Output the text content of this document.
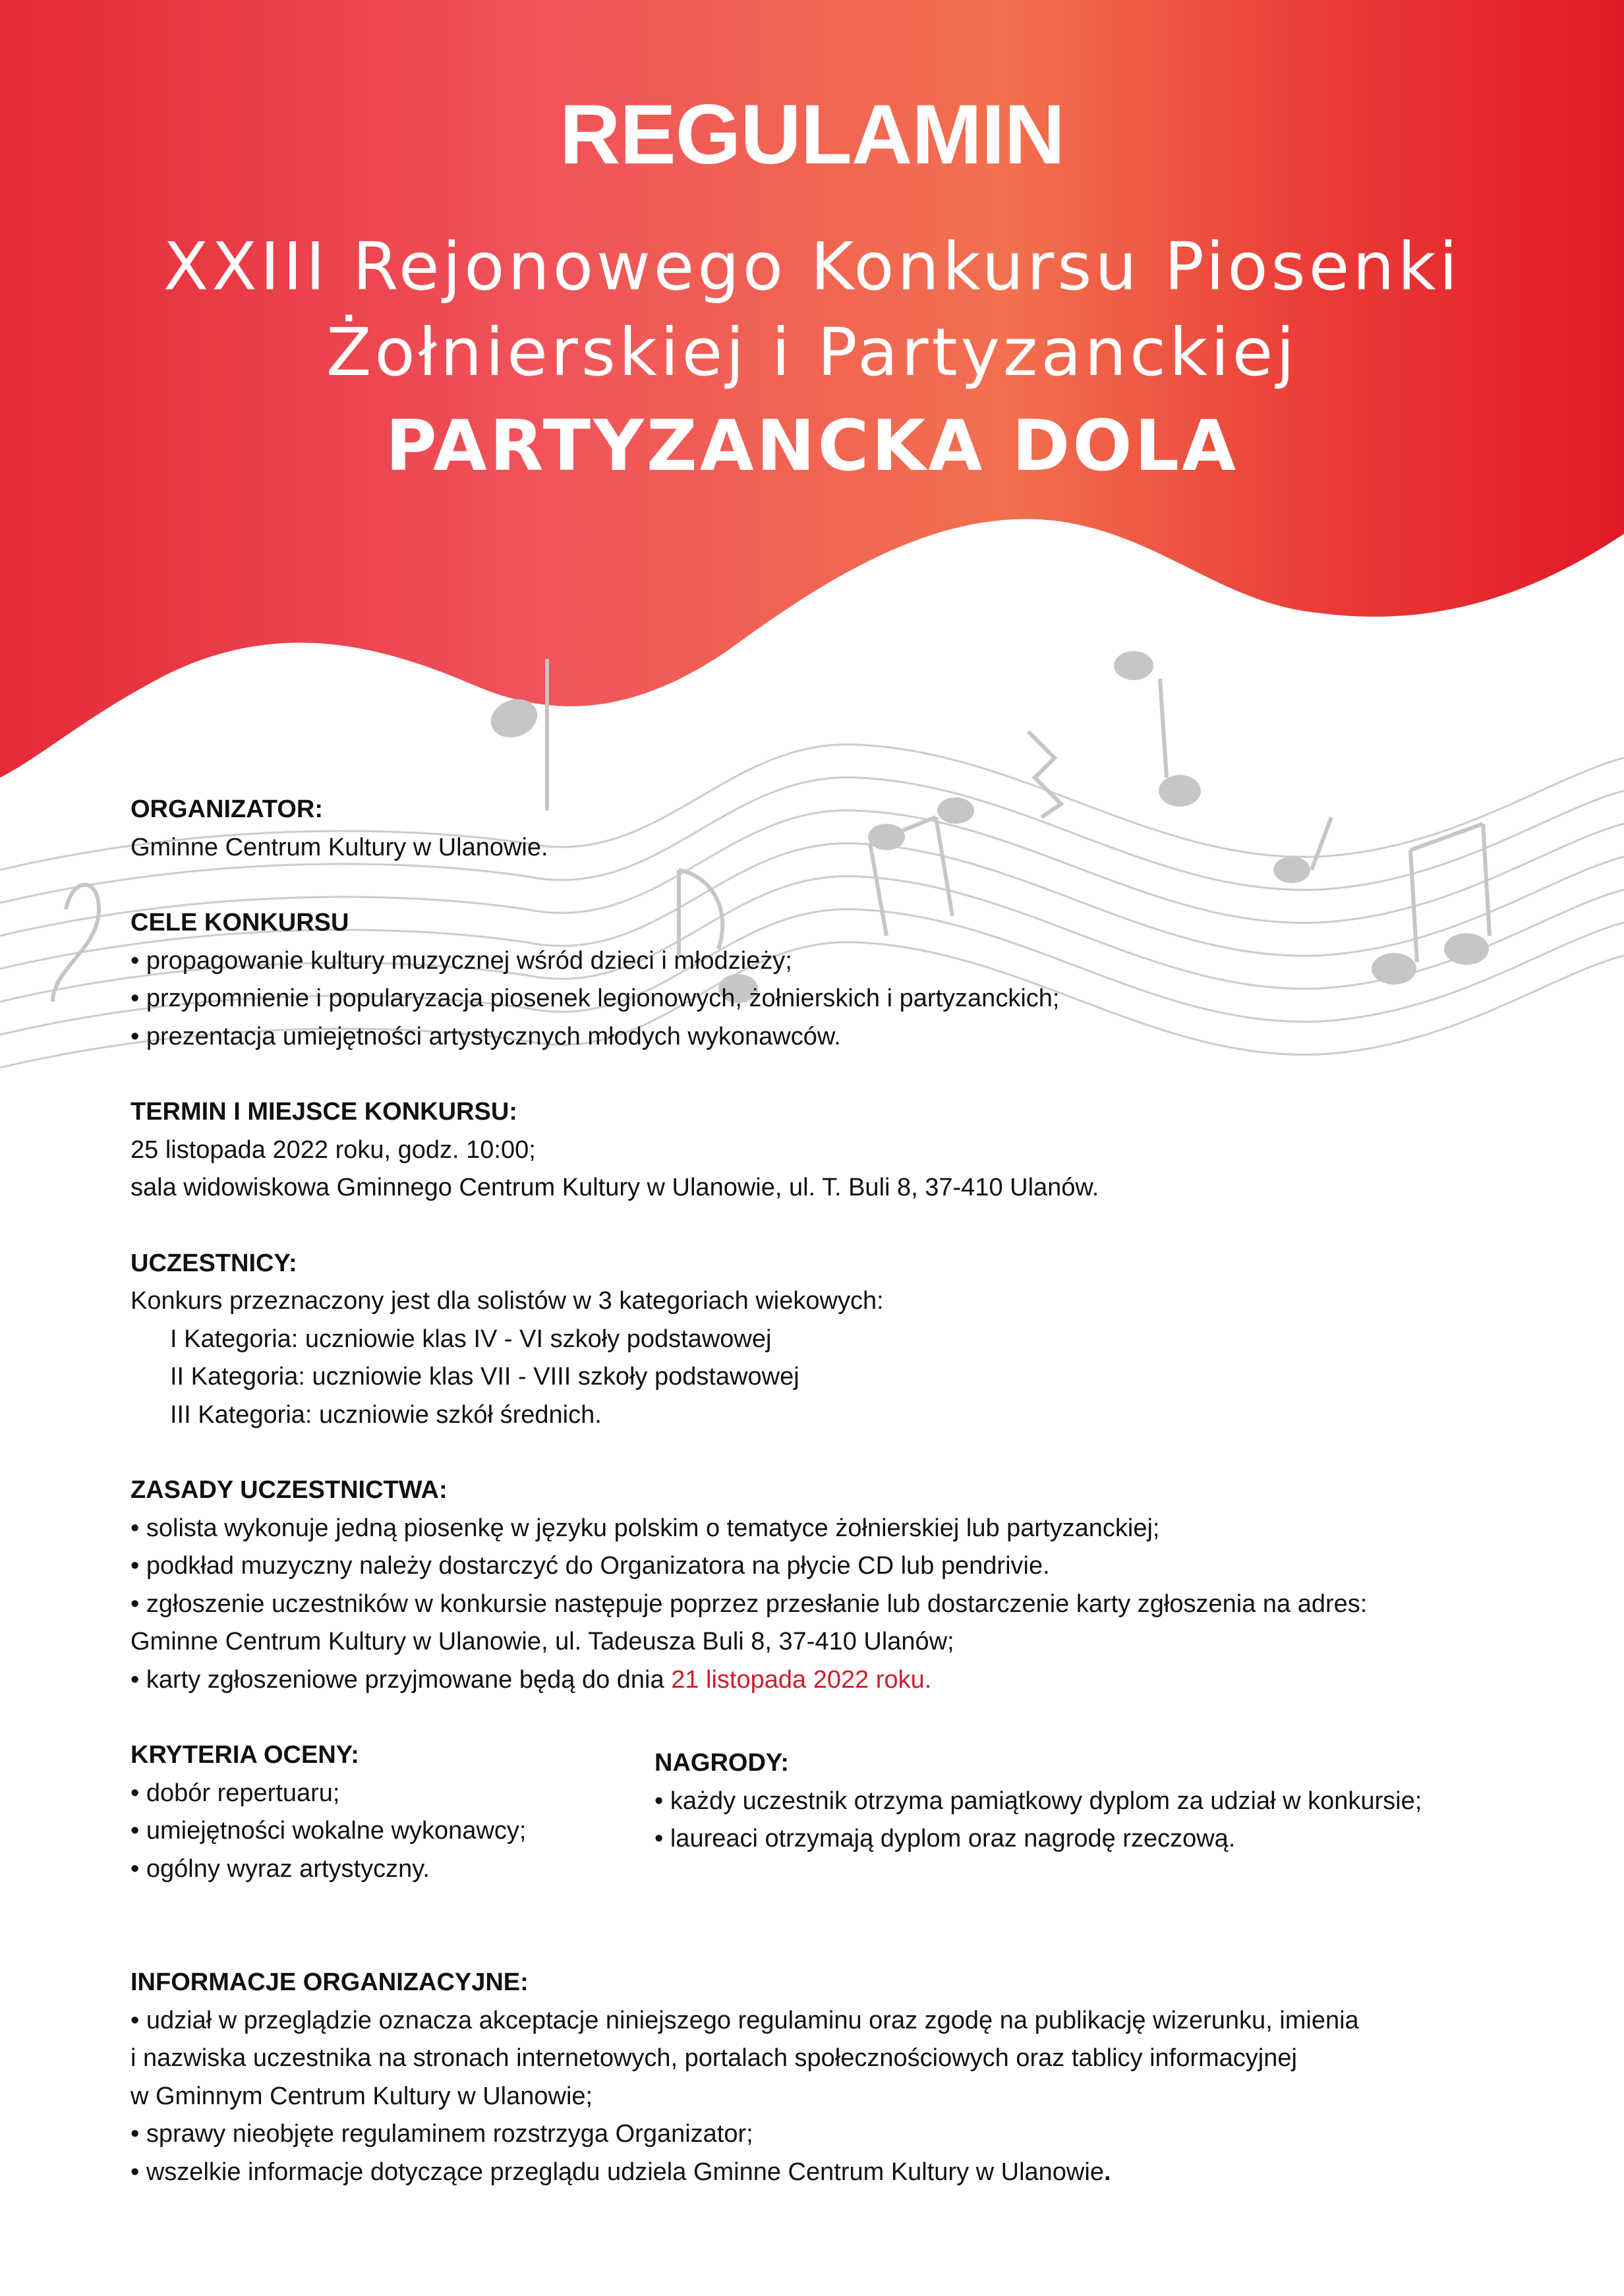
REGULAMIN
XXIII Rejonowego Konkursu Piosenki
Żołnierskiej i Partyzanckiej
PARTYZANCKA DOLA
ORGANIZATOR:
Gminne Centrum Kultury w Ulanowie.
CELE KONKURSU
• propagowanie kultury muzycznej wśród dzieci i młodzieży;
• przypomnienie i popularyzacja piosenek legionowych, żołnierskich i partyzanckich;
• prezentacja umiejętności artystycznych młodych wykonawców.
TERMIN I MIEJSCE KONKURSU:
25 listopada 2022 roku, godz. 10:00;
sala widowiskowa Gminnego Centrum Kultury w Ulanowie, ul. T. Buli 8, 37-410 Ulanów.
UCZESTNICY:
Konkurs przeznaczony jest dla solistów w 3 kategoriach wiekowych:
I Kategoria: uczniowie klas IV - VI szkoły podstawowej
II Kategoria: uczniowie klas VII - VIII szkoły podstawowej
III Kategoria: uczniowie szkół średnich.
ZASADY UCZESTNICTWA:
• solista wykonuje jedną piosenkę w języku polskim o tematyce żołnierskiej lub partyzanckiej;
• podkład muzyczny należy dostarczyć do Organizatora na płycie CD lub pendrivie.
• zgłoszenie uczestników w konkursie następuje poprzez przesłanie lub dostarczenie karty zgłoszenia na adres:
Gminne Centrum Kultury w Ulanowie, ul. Tadeusza Buli 8, 37-410 Ulanów;
• karty zgłoszeniowe przyjmowane będą do dnia 21 listopada 2022 roku.
KRYTERIA OCENY:
• dobór repertuaru;
• umiejętności wokalne wykonawcy;
• ogólny wyraz artystyczny.
NAGRODY:
• każdy uczestnik otrzyma pamiątkowy dyplom za udział w konkursie;
• laureaci otrzymają dyplom oraz nagrodę rzeczową.
INFORMACJE ORGANIZACYJNE:
• udział w przeglądzie oznacza akceptacje niniejszego regulaminu oraz zgodę na publikację wizerunku, imienia
i nazwiska uczestnika na stronach internetowych, portalach społecznościowych oraz tablicy informacyjnej
w Gminnym Centrum Kultury w Ulanowie;
• sprawy nieobjęte regulaminem rozstrzyga Organizator;
• wszelkie informacje dotyczące przeglądu udziela Gminne Centrum Kultury w Ulanowie.
